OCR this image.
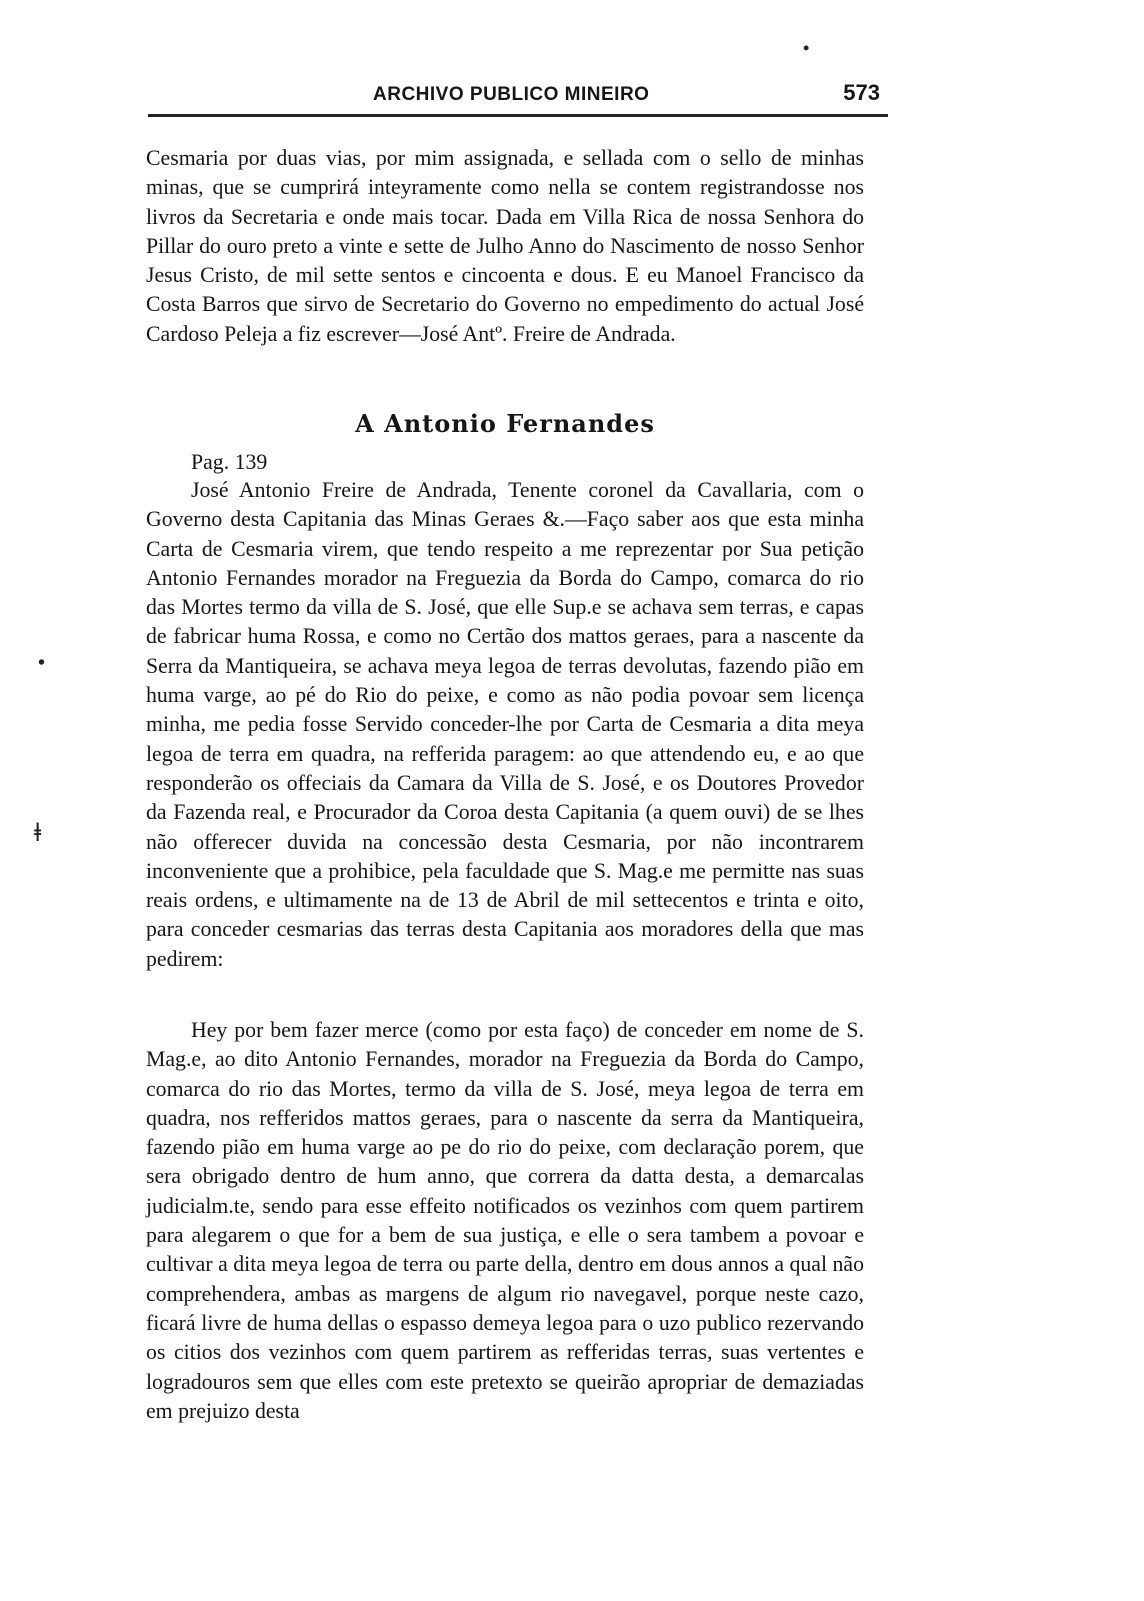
•
•
ǂ
ARCHIVO PUBLICO MINEIRO	573

Cesmaria por duas vias, por mim assignada, e sellada com o sello de minhas minas, que se cumprirá inteyramente como nella se contem registrandosse nos livros da Secretaria e onde mais tocar. Dada em Villa Rica de nossa Senhora do Pillar do ouro preto a vinte e sette de Julho Anno do Nascimento de nosso Senhor Jesus Cristo, de mil sette sentos e cincoenta e dous. E eu Manoel Francisco da Costa Barros que sirvo de Secretario do Governo no empedimento do actual José Cardoso Peleja a fiz escrever—José Antº. Freire de Andrada.

A Antonio Fernandes
Pag. 139

José Antonio Freire de Andrada, Tenente coronel da Cavallaria, com o Governo desta Capitania das Minas Geraes &.—Faço saber aos que esta minha Carta de Cesmaria virem, que tendo respeito a me reprezentar por Sua petição Antonio Fernandes morador na Freguezia da Borda do Campo, comarca do rio das Mortes termo da villa de S. José, que elle Sup.e se achava sem terras, e capas de fabricar huma Rossa, e como no Certão dos mattos geraes, para a nascente da Serra da Mantiqueira, se achava meya legoa de terras devolutas, fazendo pião em huma varge, ao pé do Rio do peixe, e como as não podia povoar sem licença minha, me pedia fosse Servido conceder-lhe por Carta de Cesmaria a dita meya legoa de terra em quadra, na refferida paragem: ao que attendendo eu, e ao que responderão os offeciais da Camara da Villa de S. José, e os Doutores Provedor da Fazenda real, e Procurador da Coroa desta Capitania (a quem ouvi) de se lhes não offerecer duvida na concessão desta Cesmaria, por não incontrarem inconveniente que a prohibice, pela faculdade que S. Mag.e me permitte nas suas reais ordens, e ultimamente na de 13 de Abril de mil settecentos e trinta e oito, para conceder cesmarias das terras desta Capitania aos moradores della que mas pedirem:

Hey por bem fazer merce (como por esta faço) de conceder em nome de S. Mag.e, ao dito Antonio Fernandes, morador na Freguezia da Borda do Campo, comarca do rio das Mortes, termo da villa de S. José, meya legoa de terra em quadra, nos refferidos mattos geraes, para o nascente da serra da Mantiqueira, fazendo pião em huma varge ao pe do rio do peixe, com declaração porem, que sera obrigado dentro de hum anno, que correra da datta desta, a demarcalas judicialm.te, sendo para esse effeito notificados os vezinhos com quem partirem para alegarem o que for a bem de sua justiça, e elle o sera tambem a povoar e cultivar a dita meya legoa de terra ou parte della, dentro em dous annos a qual não comprehendera, ambas as margens de algum rio navegavel, porque neste cazo, ficará livre de huma dellas o espasso demeya legoa para o uzo publico rezervando os citios dos vezinhos com quem partirem as refferidas terras, suas vertentes e logradouros sem que elles com este pretexto se queirão apropriar de demaziadas em prejuizo desta
